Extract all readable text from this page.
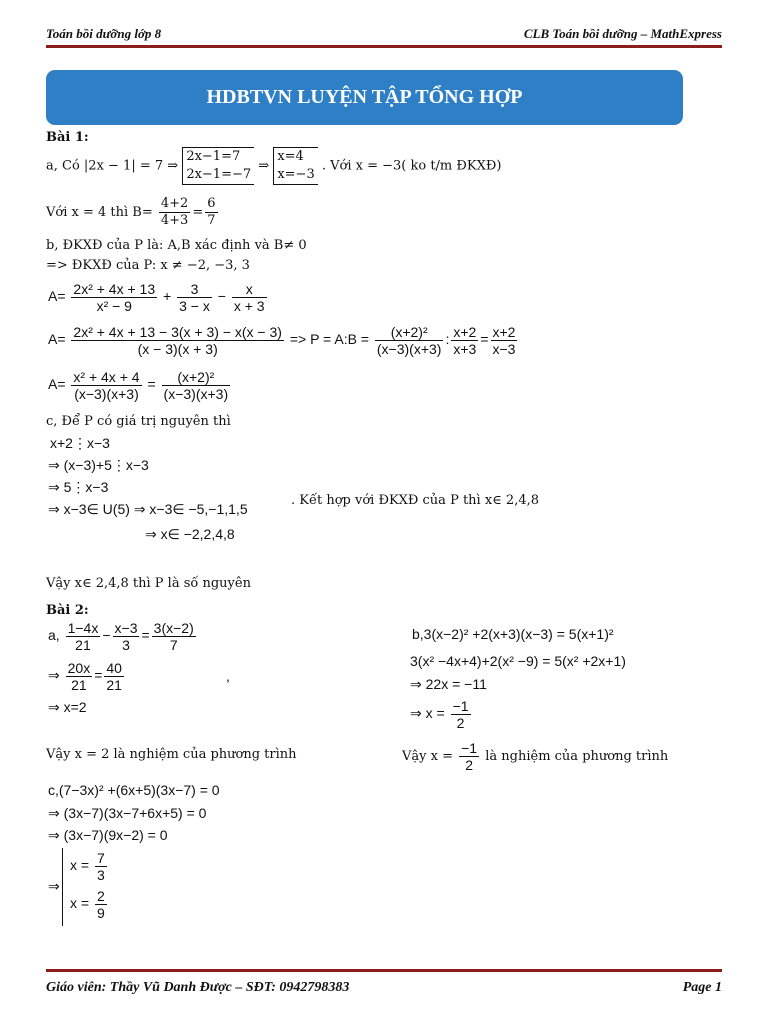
Toán bồi dưỡng lớp 8	CLB Toán bồi dưỡng – MathExpress
HDBTVN LUYỆN TẬP TỔNG HỢP
Bài 1:
a, Có |2x − 1| = 7 ⇒
2x−1=7
2x−1=−7
⇒
x=4
x=−3
. Với x = −3( ko t/m ĐKXĐ)
Với x = 4 thì $B= \frac{4+2}{4+3} = \frac{6}{7}$
b, ĐKXĐ của P là: A,B xác định và B≠ 0
=> ĐKXĐ của P: x ≠ −2, −3, 3
$A= \frac{\text{2x² + 4x + 13}}{\text{x² − 9}} + \frac{3}{3 - x} - \frac{x}{x + 3}$
$A= \frac{\text{2x² + 4x + 13 − 3(x + 3) − x(x − 3)}}{(x - 3)(x + 3)} => P$ = A:B = $\frac{\text{(x+2)²}}{(x-3)(x+3)}$ : $\frac{x+2}{x+3} = \frac{x+2}{x-3}$
$A= \frac{\text{x² + 4x + 4}}{(x-3)(x+3)} = \frac{\text{(x+2)²}}{(x-3)(x+3)}$
c, Để P có giá trị nguyên thì
x+2⋮x−3
⇒ (x−3)+5⋮x−3
⇒ 5⋮x−3
⇒ x−3∈ U(5) ⇒ x−3∈ −5,−1,1,5
. Kết hợp với ĐKXĐ của P thì x∈ 2,4,8
⇒ x∈ −2,2,4,8
Vậy x∈ 2,4,8 thì P là số nguyên
Bài 2:
a, $\frac{1-4x}{21} - \frac{x-3}{3} = \frac{3(x-2)}{7}$
⇒ $\frac{20x}{21} = \frac{40}{21}$	,
⇒ x=2
Vậy x = 2 là nghiệm của phương trình
b,3(x−2)² +2(x+3)(x−3) = 5(x+1)²
3(x² −4x+4)+2(x² −9) = 5(x² +2x+1)
⇒ 22x = −11
⇒ $x = \frac{-1}{2}$
Vậy $x = \frac{-1}{2}$ là nghiệm của phương trình
c,(7−3x)² +(6x+5)(3x−7) = 0
⇒ (3x−7)(3x−7+6x+5) = 0
⇒ (3x−7)(9x−2) = 0
⇒
$x = \frac{7}{3}$
$x = \frac{2}{9}$
Giáo viên: Thầy Vũ Danh Được – SĐT: 0942798383	Page 1
